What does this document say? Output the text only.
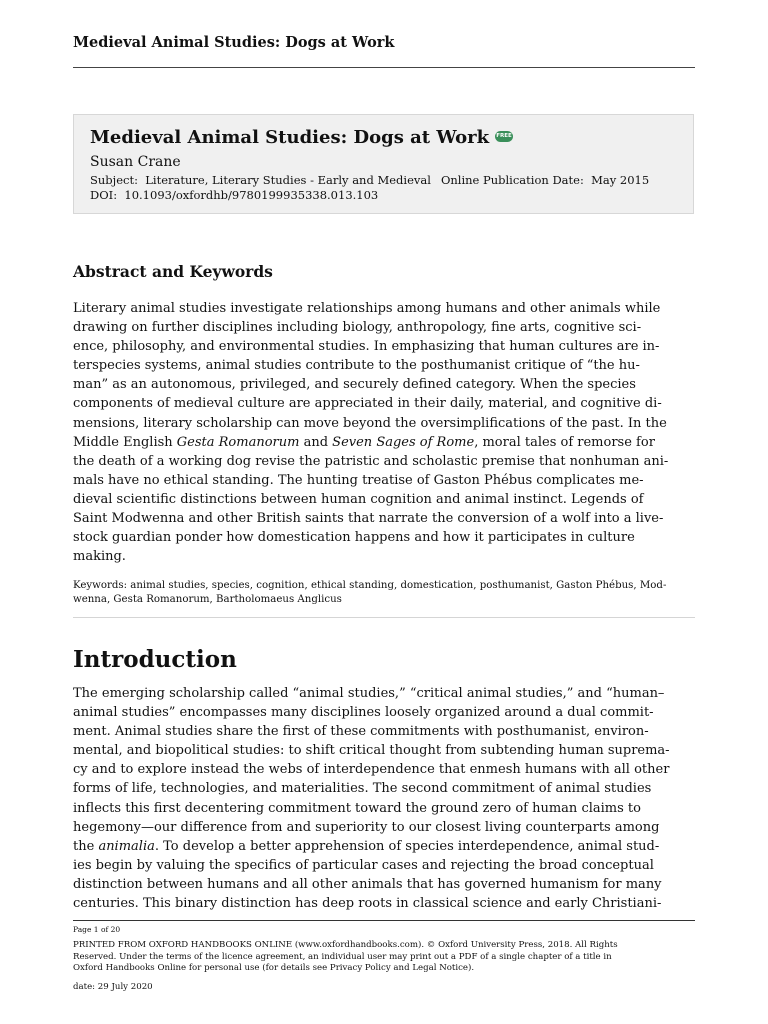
Medieval Animal Studies: Dogs at Work
Medieval Animal Studies: Dogs at Work FREE
Susan Crane
Subject: Literature, Literary Studies - Early and Medieval Online Publication Date: May 2015
DOI: 10.1093/oxfordhb/9780199935338.013.103
Abstract and Keywords
Literary animal studies investigate relationships among humans and other animals while
drawing on further disciplines including biology, anthropology, fine arts, cognitive sci-
ence, philosophy, and environmental studies. In emphasizing that human cultures are in-
terspecies systems, animal studies contribute to the posthumanist critique of “the hu-
man” as an autonomous, privileged, and securely defined category. When the species
components of medieval culture are appreciated in their daily, material, and cognitive di-
mensions, literary scholarship can move beyond the oversimplifications of the past. In the
Middle English Gesta Romanorum and Seven Sages of Rome, moral tales of remorse for
the death of a working dog revise the patristic and scholastic premise that nonhuman ani-
mals have no ethical standing. The hunting treatise of Gaston Phébus complicates me-
dieval scientific distinctions between human cognition and animal instinct. Legends of
Saint Modwenna and other British saints that narrate the conversion of a wolf into a live-
stock guardian ponder how domestication happens and how it participates in culture
making.
Keywords: animal studies, species, cognition, ethical standing, domestication, posthumanist, Gaston Phébus, Mod-
wenna, Gesta Romanorum, Bartholomaeus Anglicus
Introduction
The emerging scholarship called “animal studies,” “critical animal studies,” and “human–
animal studies” encompasses many disciplines loosely organized around a dual commit-
ment. Animal studies share the first of these commitments with posthumanist, environ-
mental, and biopolitical studies: to shift critical thought from subtending human suprema-
cy and to explore instead the webs of interdependence that enmesh humans with all other
forms of life, technologies, and materialities. The second commitment of animal studies
inflects this first decentering commitment toward the ground zero of human claims to
hegemony—our difference from and superiority to our closest living counterparts among
the animalia. To develop a better apprehension of species interdependence, animal stud-
ies begin by valuing the specifics of particular cases and rejecting the broad conceptual
distinction between humans and all other animals that has governed humanism for many
centuries. This binary distinction has deep roots in classical science and early Christiani-
Page 1 of 20
PRINTED FROM OXFORD HANDBOOKS ONLINE (www.oxfordhandbooks.com). © Oxford University Press, 2018. All Rights
Reserved. Under the terms of the licence agreement, an individual user may print out a PDF of a single chapter of a title in
Oxford Handbooks Online for personal use (for details see Privacy Policy and Legal Notice).
date: 29 July 2020
